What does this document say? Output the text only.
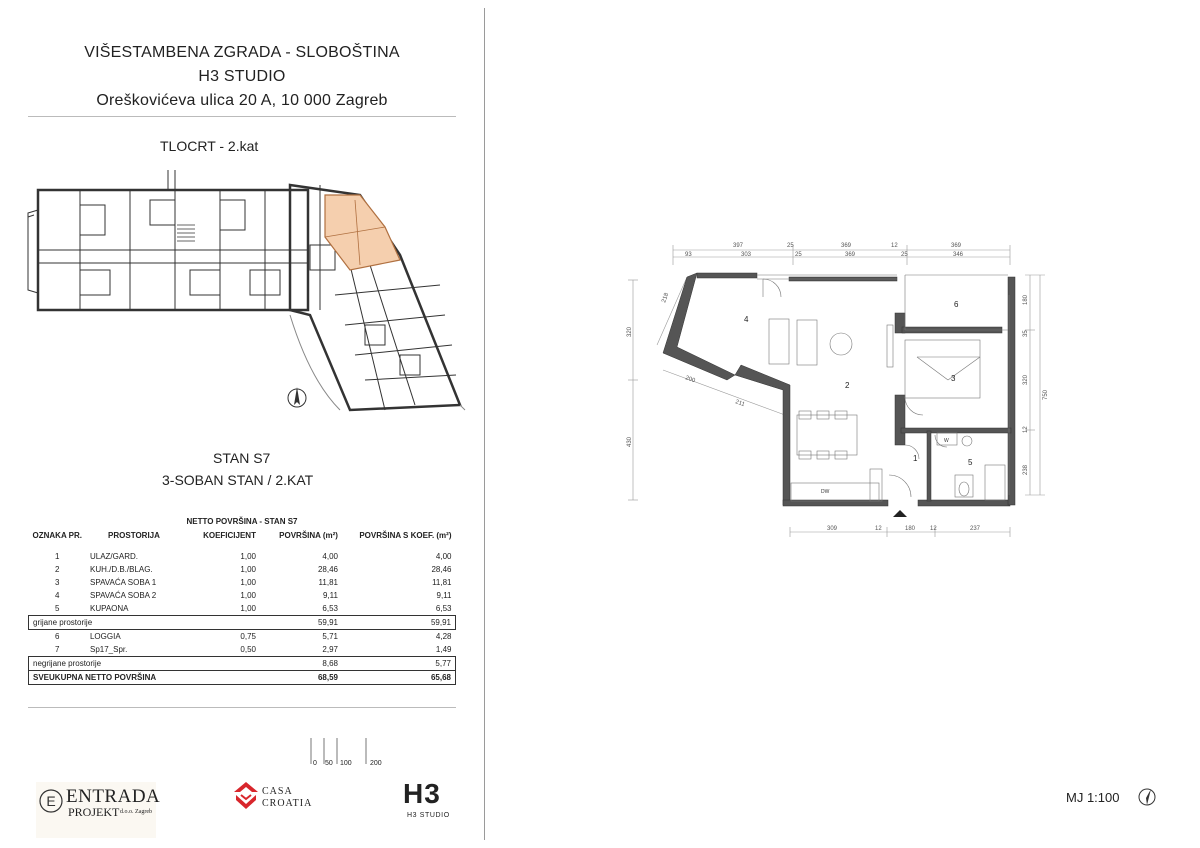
VIŠESTAMBENA ZGRADA - SLOBOŠTINA
H3 STUDIO
Oreškovićeva ulica 20 A, 10 000 Zagreb
TLOCRT - 2.kat
STAN S7
3-SOBAN STAN / 2.KAT
NETTO POVRŠINA - STAN S7				
OZNAKA PR.	PROSTORIJA	KOEFICIJENT	POVRŠINA (m²)	POVRŠINA S KOEF. (m²)

1	ULAZ/GARD.	1,00	4,00	4,00
2	KUH./D.B./BLAG.	1,00	28,46	28,46
3	SPAVAĆA SOBA 1	1,00	11,81	11,81
4	SPAVAĆA SOBA 2	1,00	9,11	9,11
5	KUPAONA	1,00	6,53	6,53
grijane prostorije			59,91	59,91
6	LOGGIA	0,75	5,71	4,28
7	Sp17_Spr.	0,50	2,97	1,49
negrijane prostorije			8,68	5,77
SVEUKUPNA NETTO POVRŠINA			68,59	65,68
0 50 100	200
E ENTRADA
PROJEKT d.o.o. Zagreb
CASA
CROATIA	H3
H3 STUDIO
1
2
3
4
5
6
DW
W
397	25	369	12	369
93	303	25	369	25	346
309	12	180 12	237
180
35
320
750
12
238
320
430
218
200
211
MJ 1:100
